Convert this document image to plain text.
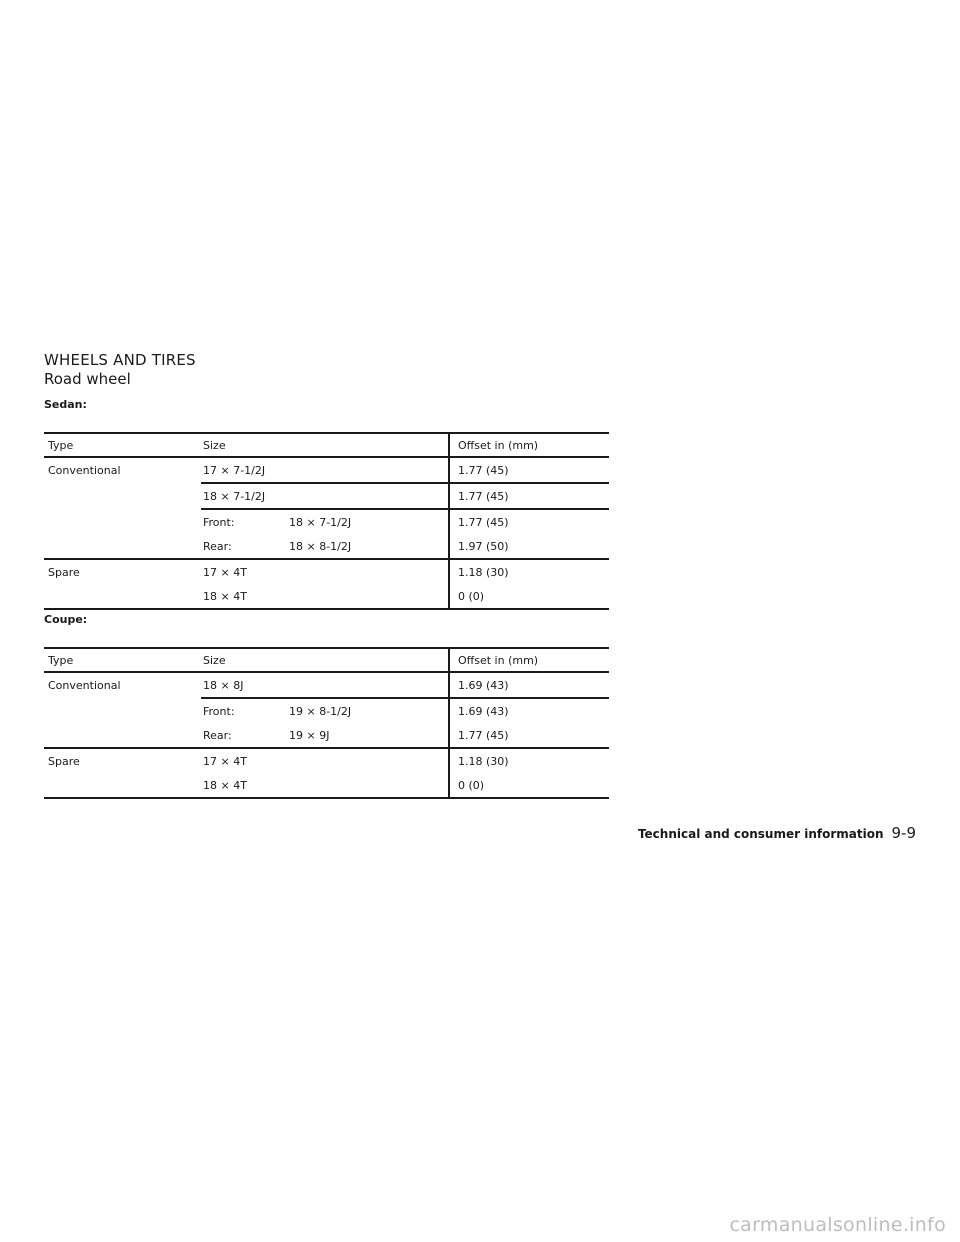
WHEELS AND TIRES
Road wheel
Sedan:
Type	Size	Offset in (mm)
Conventional	17 × 7-1/2J	1.77 (45)
	18 × 7-1/2J	1.77 (45)
	Front: 18 × 7-1/2J	1.77 (45)
	Rear: 18 × 8-1/2J	1.97 (50)
Spare	17 × 4T	1.18 (30)
	18 × 4T	0 (0)
Coupe:
Type	Size	Offset in (mm)
Conventional	18 × 8J	1.69 (43)
	Front: 19 × 8-1/2J	1.69 (43)
	Rear: 19 × 9J	1.77 (45)
Spare	17 × 4T	1.18 (30)
	18 × 4T	0 (0)
Technical and consumer information 9-9
carmanualsonline.info
